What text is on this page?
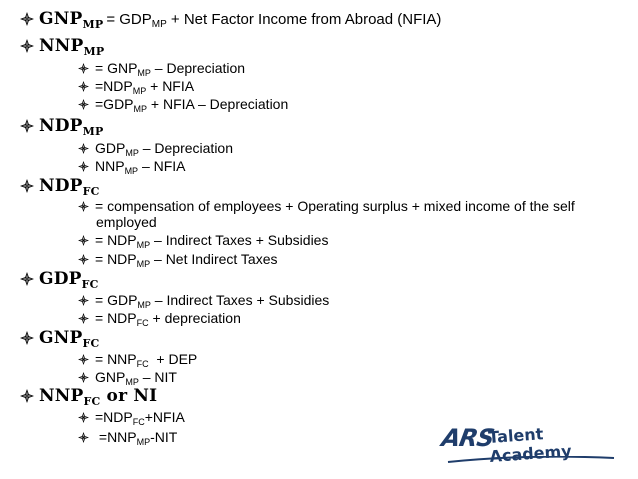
$GNP_{MP} = GDP_{MP}$ + Net Factor Income from Abroad (NFIA)
$NNP_{MP}$
= $GNP_{MP}$ – Depreciation
$=NDP_{MP}$ + NFIA
$=GDP_{MP}$ + NFIA – Depreciation
$NDP_{MP}$
$GDP_{MP}$ – Depreciation
$NNP_{MP}$ – NFIA
$NDP_{FC}$
= compensation of employees + Operating surplus + mixed income of the self
employed
= $NDP_{MP}$ – Indirect Taxes + Subsidies
= $NDP_{MP}$ – Net Indirect Taxes
$GDP_{FC}$
= $GDP_{MP}$ – Indirect Taxes + Subsidies
= $NDP_{FC}$ + depreciation
$GNP_{FC}$
= $NNP_{FC}$  + DEP
$GNP_{MP}$ – NIT
$NNP_{FC}$ or NI
$=NDP_{FC}+NFIA$
$=NNP_{MP}$-NIT	ARS
Talent Academy
